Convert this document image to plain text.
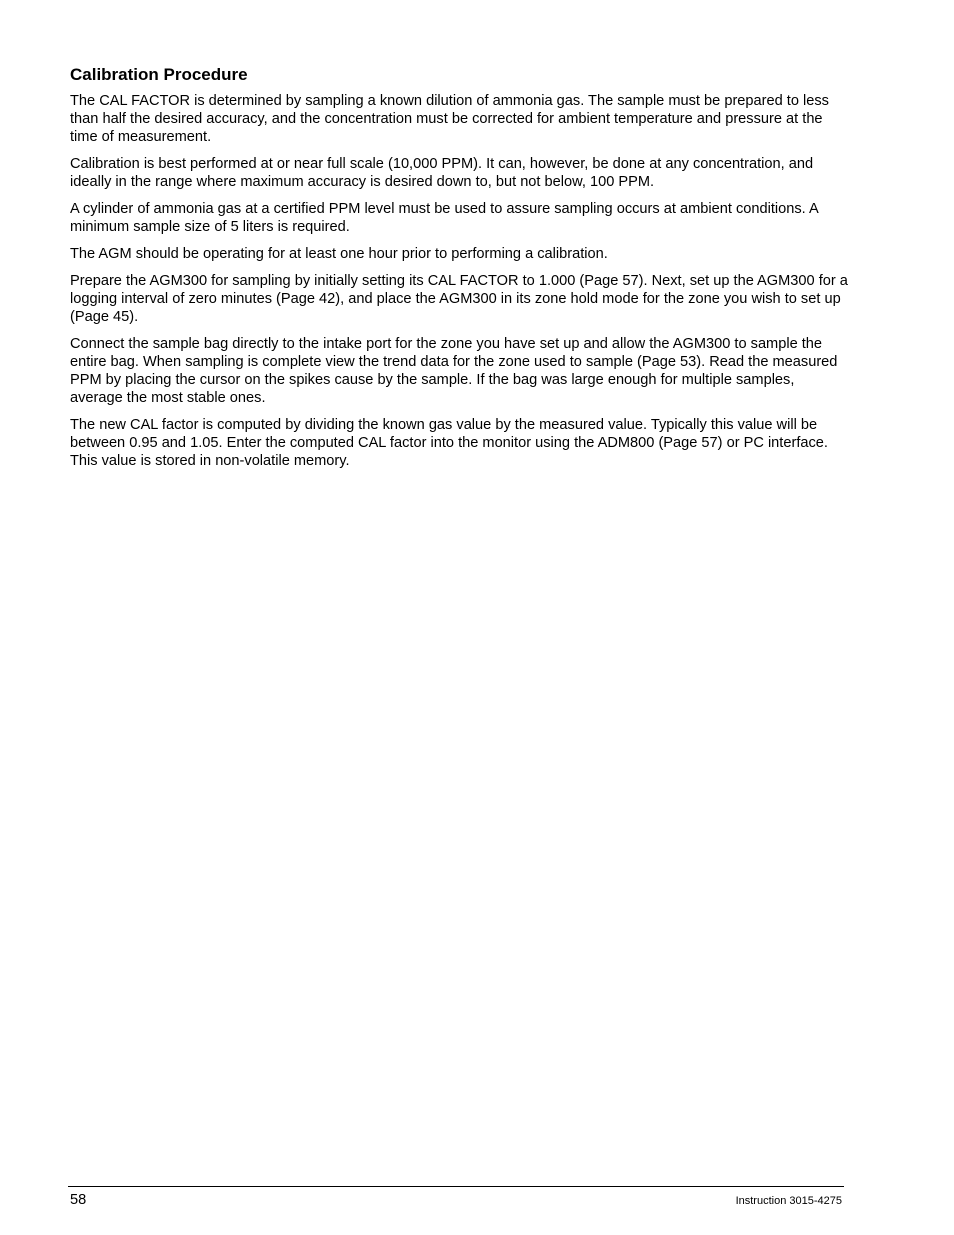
Calibration Procedure

The CAL FACTOR is determined by sampling a known dilution of ammonia gas. The sample must be prepared to less than half the desired accuracy, and the concentration must be corrected for ambient temperature and pressure at the time of measurement.

Calibration is best performed at or near full scale (10,000 PPM). It can, however, be done at any concentration, and ideally in the range where maximum accuracy is desired down to, but not below, 100 PPM.

A cylinder of ammonia gas at a certified PPM level must be used to assure sampling occurs at ambient conditions. A minimum sample size of 5 liters is required.

The AGM should be operating for at least one hour prior to performing a calibration.

Prepare the AGM300 for sampling by initially setting its CAL FACTOR to 1.000 (Page 57). Next, set up the AGM300 for a logging interval of zero minutes (Page 42), and place the AGM300 in its zone hold mode for the zone you wish to set up (Page 45).

Connect the sample bag directly to the intake port for the zone you have set up and allow the AGM300 to sample the entire bag. When sampling is complete view the trend data for the zone used to sample (Page 53). Read the measured PPM by placing the cursor on the spikes cause by the sample. If the bag was large enough for multiple samples, average the most stable ones.

The new CAL factor is computed by dividing the known gas value by the measured value. Typically this value will be between 0.95 and 1.05. Enter the computed CAL factor into the monitor using the ADM800 (Page 57) or PC interface. This value is stored in non-volatile memory.

58	Instruction 3015-4275
